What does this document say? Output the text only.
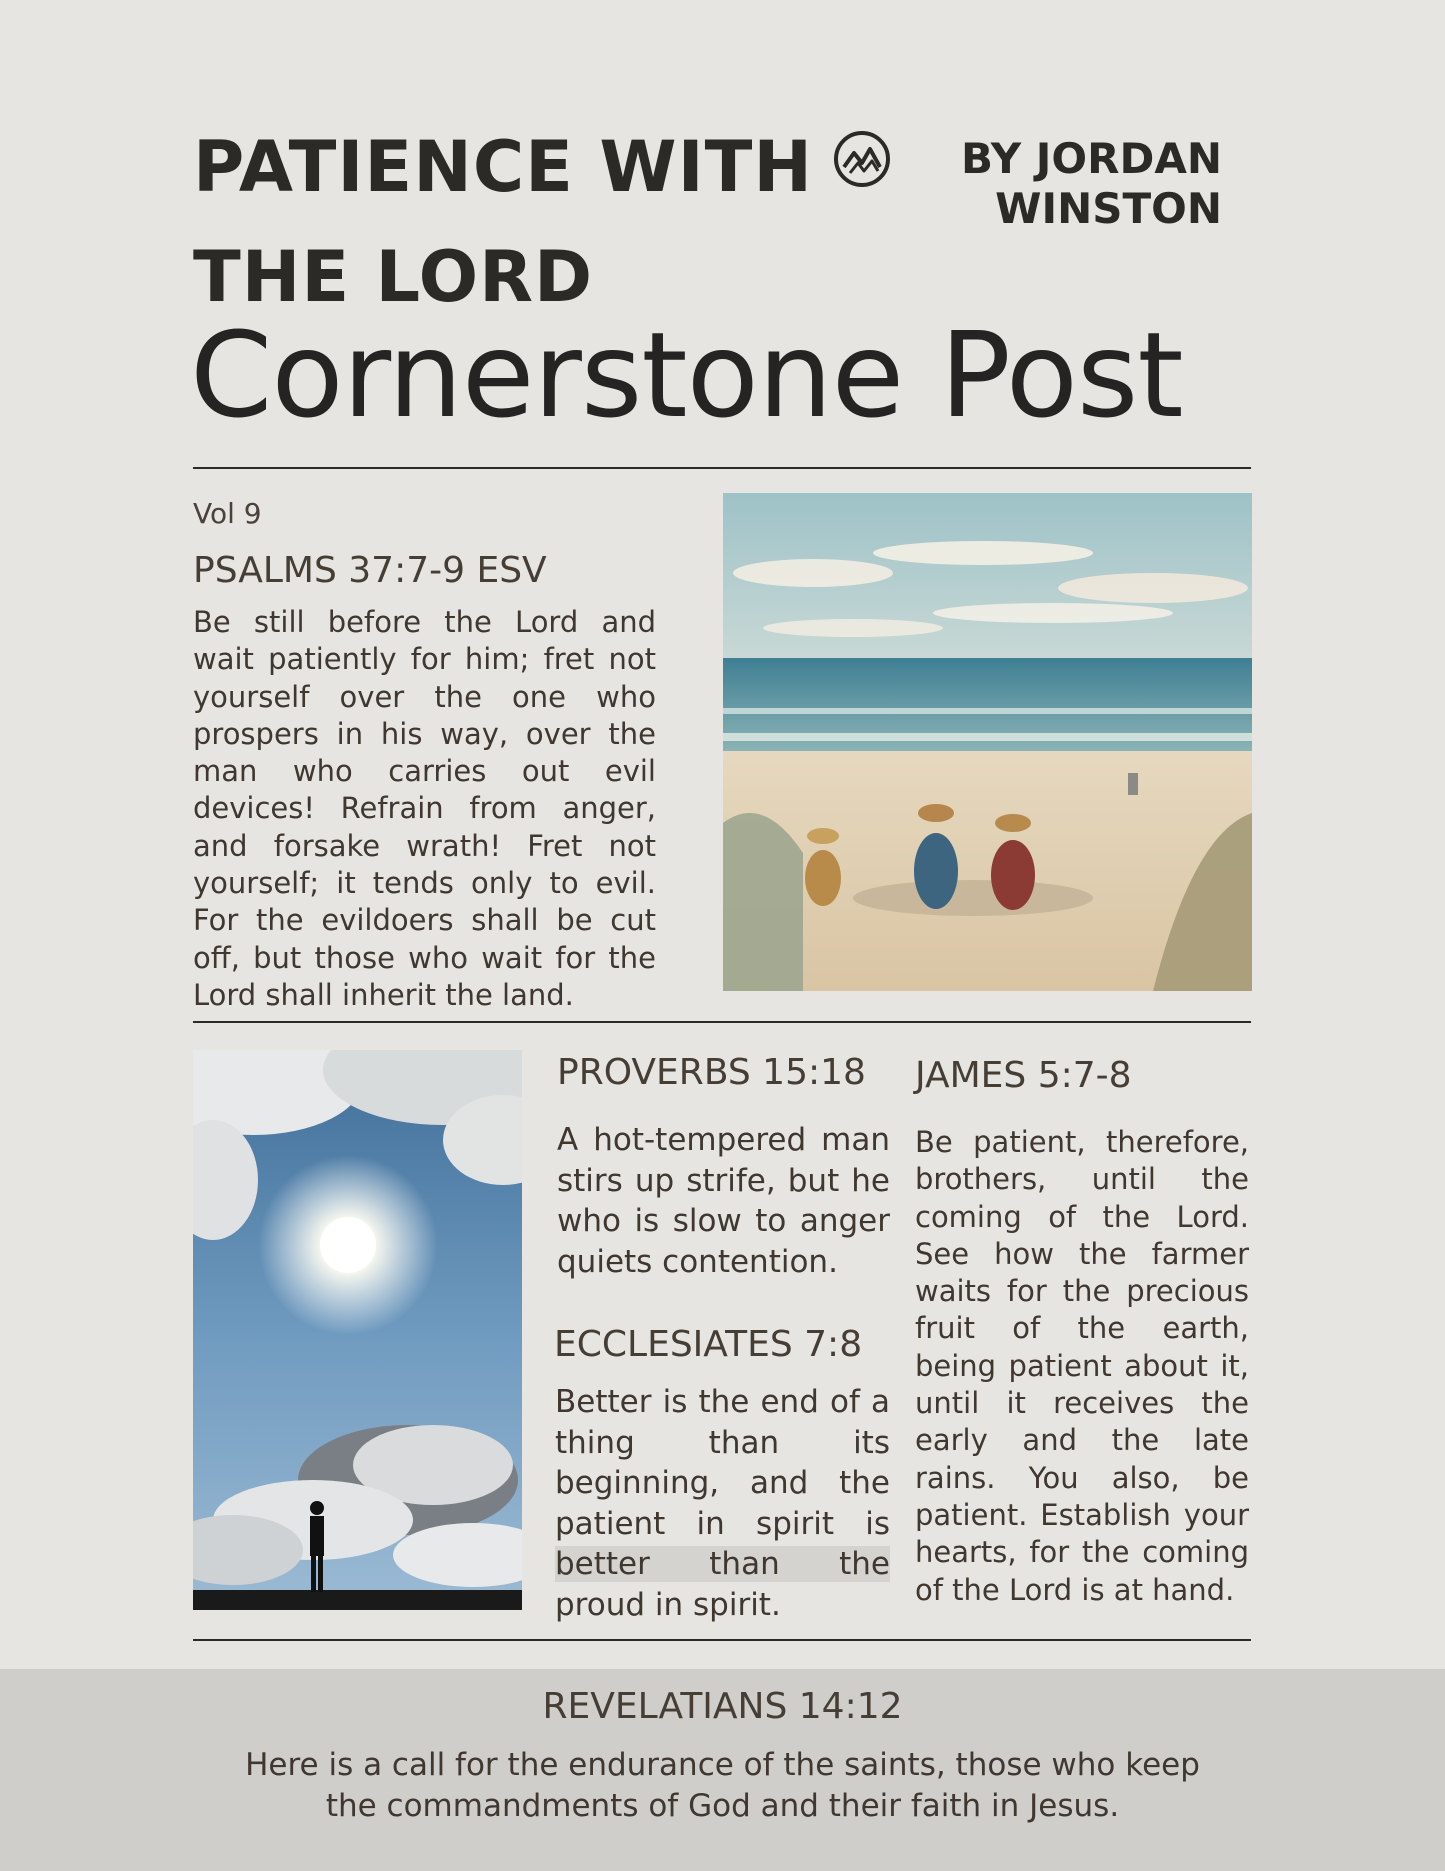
PATIENCE WITH THE LORD
BY JORDAN WINSTON
Cornerstone Post
Vol 9
PSALMS 37:7-9 ESV
Be still before the Lord and wait patiently for him; fret not yourself over the one who prospers in his way, over the man who carries out evil devices! Refrain from anger, and forsake wrath! Fret not yourself; it tends only to evil. For the evildoers shall be cut off, but those who wait for the Lord shall inherit the land.
PROVERBS 15:18
A hot-tempered man stirs up strife, but he who is slow to anger quiets contention.
ECCLESIATES 7:8
Better is the end of a thing than its beginning, and the patient in spirit is better than the proud in spirit.
JAMES 5:7-8
Be patient, therefore, brothers, until the coming of the Lord. See how the farmer waits for the precious fruit of the earth, being patient about it, until it receives the early and the late rains. You also, be patient. Establish your hearts, for the coming of the Lord is at hand.
REVELATIANS 14:12
Here is a call for the endurance of the saints, those who keep the commandments of God and their faith in Jesus.
